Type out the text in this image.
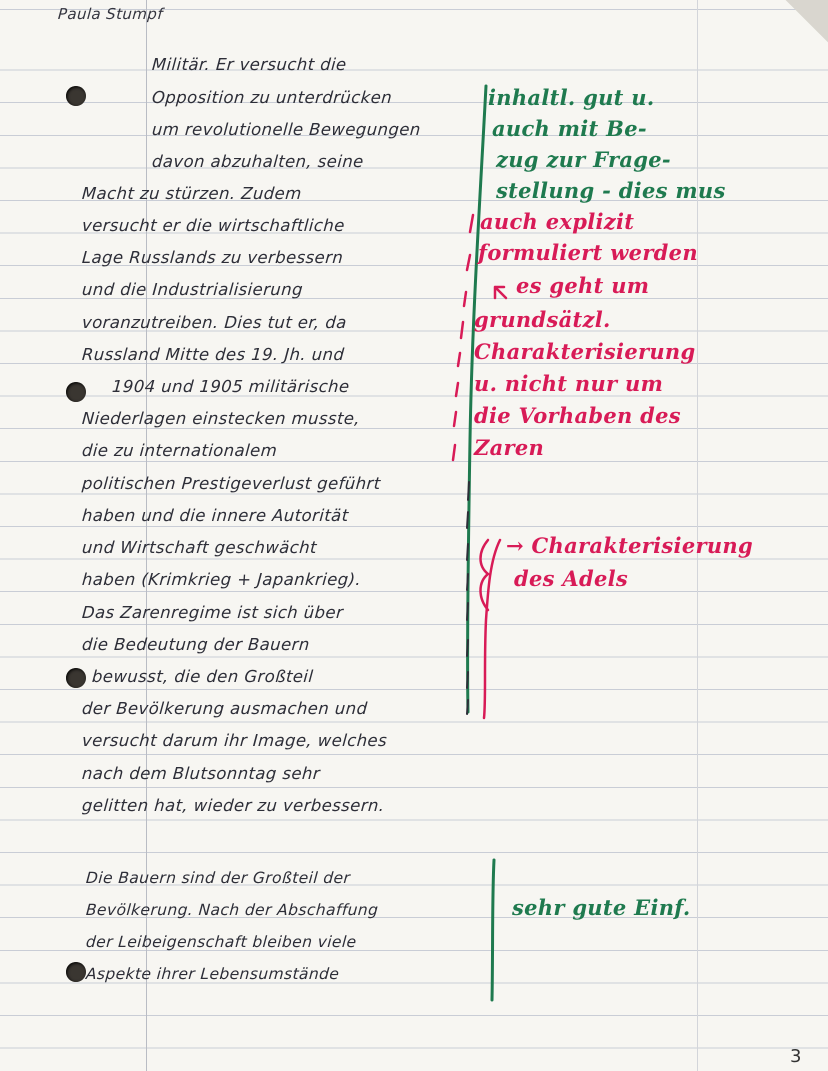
Paula Stumpf

Militär. Er versucht die

Opposition zu unterdrücken

um revolutionelle Bewegungen

davon abzuhalten, seine

Macht zu stürzen. Zudem

versucht er die wirtschaftliche

Lage Russlands zu verbessern

und die Industrialisierung

voranzutreiben. Dies tut er, da

Russland Mitte des 19. Jh. und

1904 und 1905 militärische

Niederlagen einstecken musste,

die zu internationalem

politischen Prestigeverlust geführt

haben und die innere Autorität

und Wirtschaft geschwächt

haben (Krimkrieg + Japankrieg).

Das Zarenregime ist sich über

die Bedeutung der Bauern

bewusst, die den Großteil

der Bevölkerung ausmachen und

versucht darum ihr Image, welches

nach dem Blutsonntag sehr

gelitten hat, wieder zu verbessern.

Die Bauern sind der Großteil der

Bevölkerung. Nach der Abschaffung

der Leibeigenschaft bleiben viele

Aspekte ihrer Lebensumstände

inhaltl. gut u.

auch mit Be-

zug zur Frage-

stellung - dies mus

auch explizit

formuliert werden

es geht um

grundsätzl.

Charakterisierung

u. nicht nur um

die Vorhaben des

Zaren

→ Charakterisierung

des Adels

sehr gute Einf.

3
